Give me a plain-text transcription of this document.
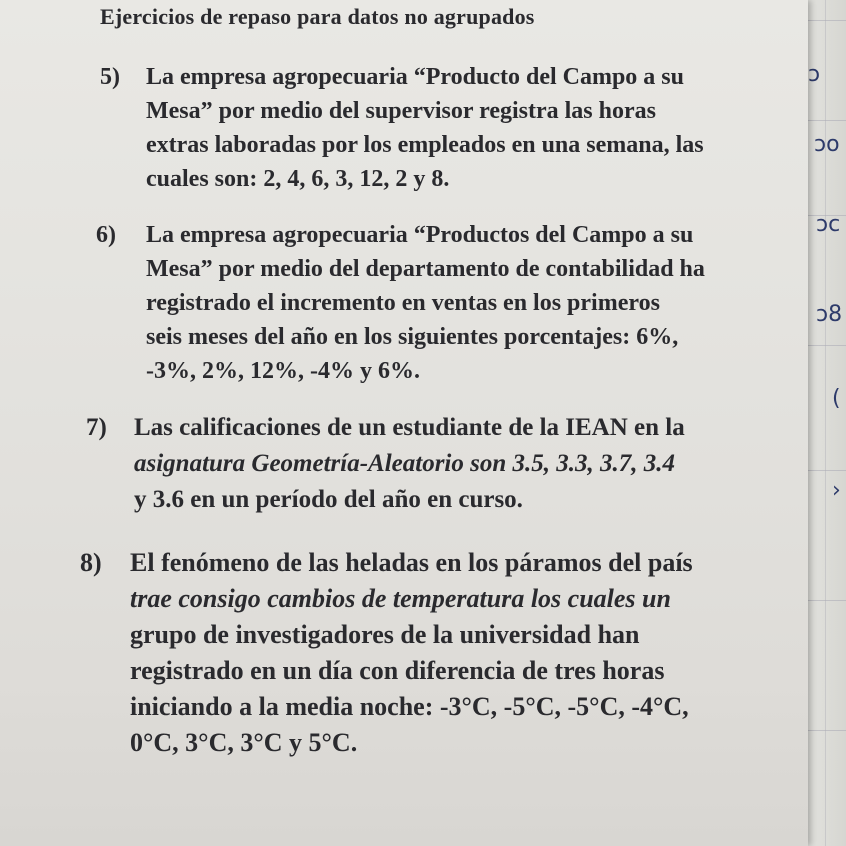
ↄ
ↄo
ɔc
ɔ8
(
›
Ejercicios de repaso para datos no agrupados
5) La empresa agropecuaria “Producto del Campo a su
Mesa” por medio del supervisor registra las horas
extras laboradas por los empleados en una semana, las
cuales son: 2, 4, 6, 3, 12, 2 y 8.
6) La empresa agropecuaria “Productos del Campo a su
Mesa” por medio del departamento de contabilidad ha
registrado el incremento en ventas en los primeros
seis meses del año en los siguientes porcentajes: 6%,
-3%, 2%, 12%, -4% y 6%.
7) Las calificaciones de un estudiante de la IEAN en la
asignatura Geometría-Aleatorio son 3.5, 3.3, 3.7, 3.4
y 3.6 en un período del año en curso.
8) El fenómeno de las heladas en los páramos del país
trae consigo cambios de temperatura los cuales un
grupo de investigadores de la universidad han
registrado en un día con diferencia de tres horas
iniciando a la media noche: -3°C, -5°C, -5°C, -4°C,
0°C, 3°C, 3°C y 5°C.
